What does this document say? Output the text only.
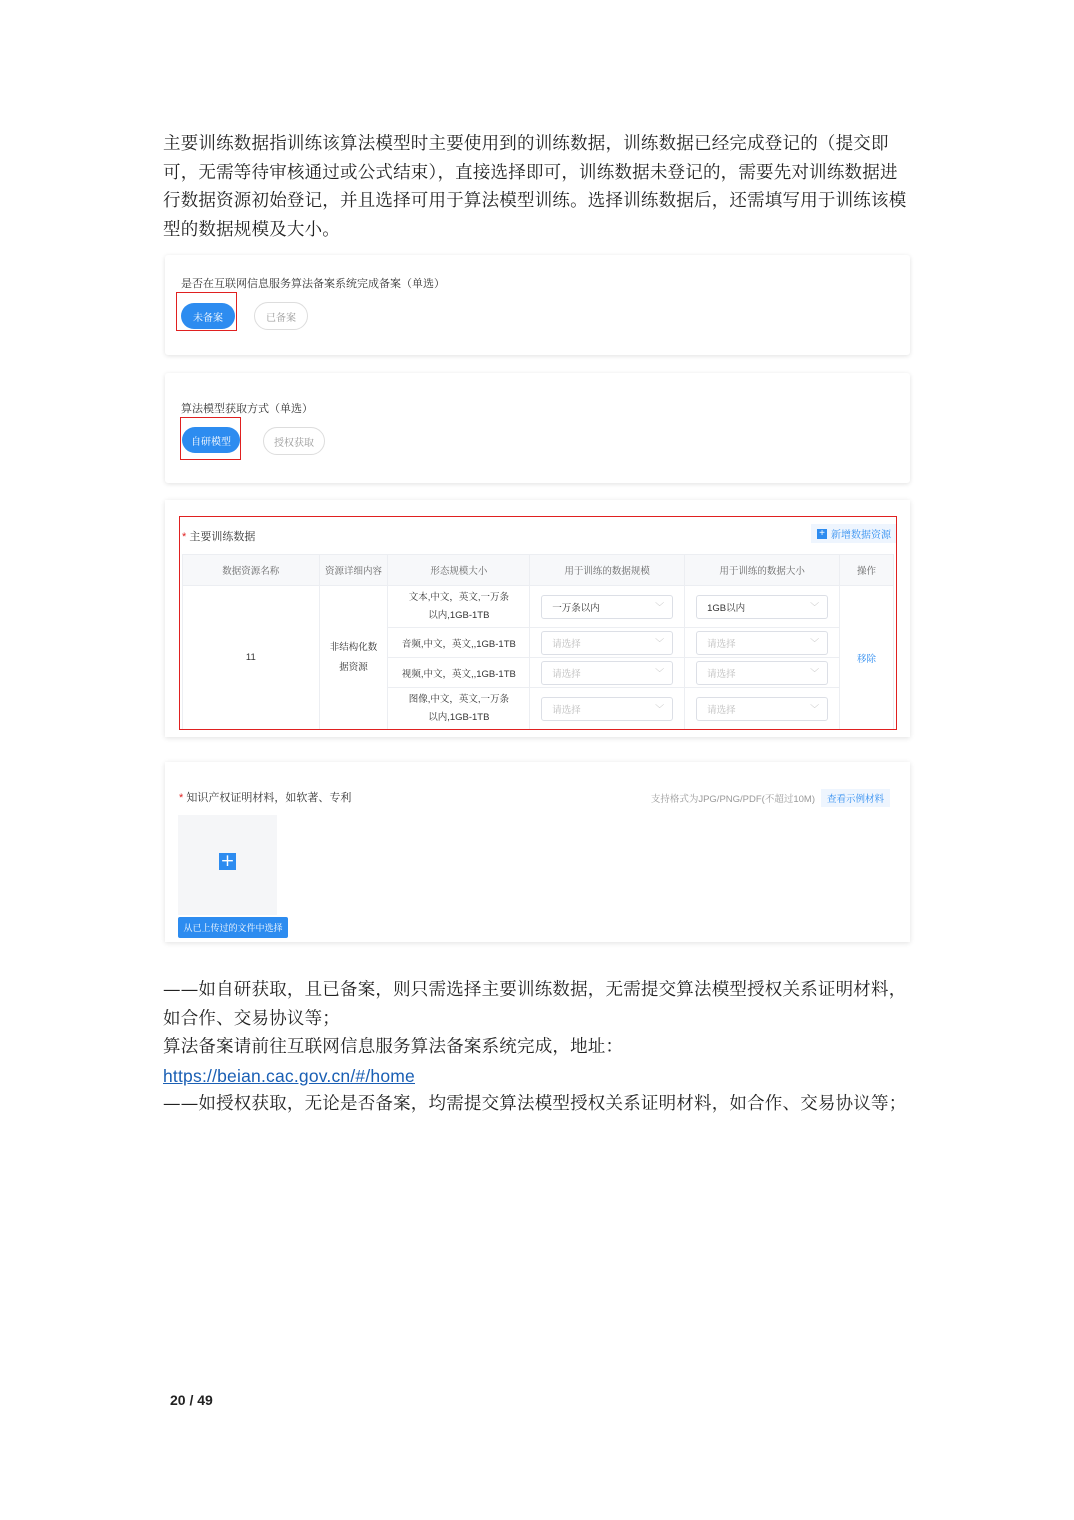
主要训练数据指训练该算法模型时主要使用到的训练数据，训练数据已经完成登记的（提交即可，无需等待审核通过或公式结束），直接选择即可，训练数据未登记的，需要先对训练数据进行数据资源初始登记，并且选择可用于算法模型训练。选择训练数据后，还需填写用于训练该模型的数据规模及大小。
是否在互联网信息服务算法备案系统完成备案（单选）
未备案	已备案
算法模型获取方式（单选）
自研模型	授权获取
* 主要训练数据	+ 新增数据资源
数据资源名称	资源详细内容	形态规模大小	用于训练的数据规模	用于训练的数据大小	操作
11	非结构化数据资源	文本,中文，英文,一万条以内,1GB-1TB	一万条以内 ﹀	1GB以内 ﹀	移除
		音频,中文，英文,,1GB-1TB	请选择 ﹀	请选择 ﹀	

		视频,中文，英文,,1GB-1TB	请选择 ﹀	请选择 ﹀	

		图像,中文，英文,一万条以内,1GB-1TB	请选择 ﹀	请选择 ﹀	
* 知识产权证明材料，如软著、专利	支持格式为JPG/PNG/PDF(不超过10M)	查看示例材料
+
从已上传过的文件中选择
——如自研获取，且已备案，则只需选择主要训练数据，无需提交算法模型授权关系证明材料，如合作、交易协议等；
算法备案请前往互联网信息服务算法备案系统完成，地址：
https://beian.cac.gov.cn/#/home
——如授权获取，无论是否备案，均需提交算法模型授权关系证明材料，如合作、交易协议等；
20 / 49
